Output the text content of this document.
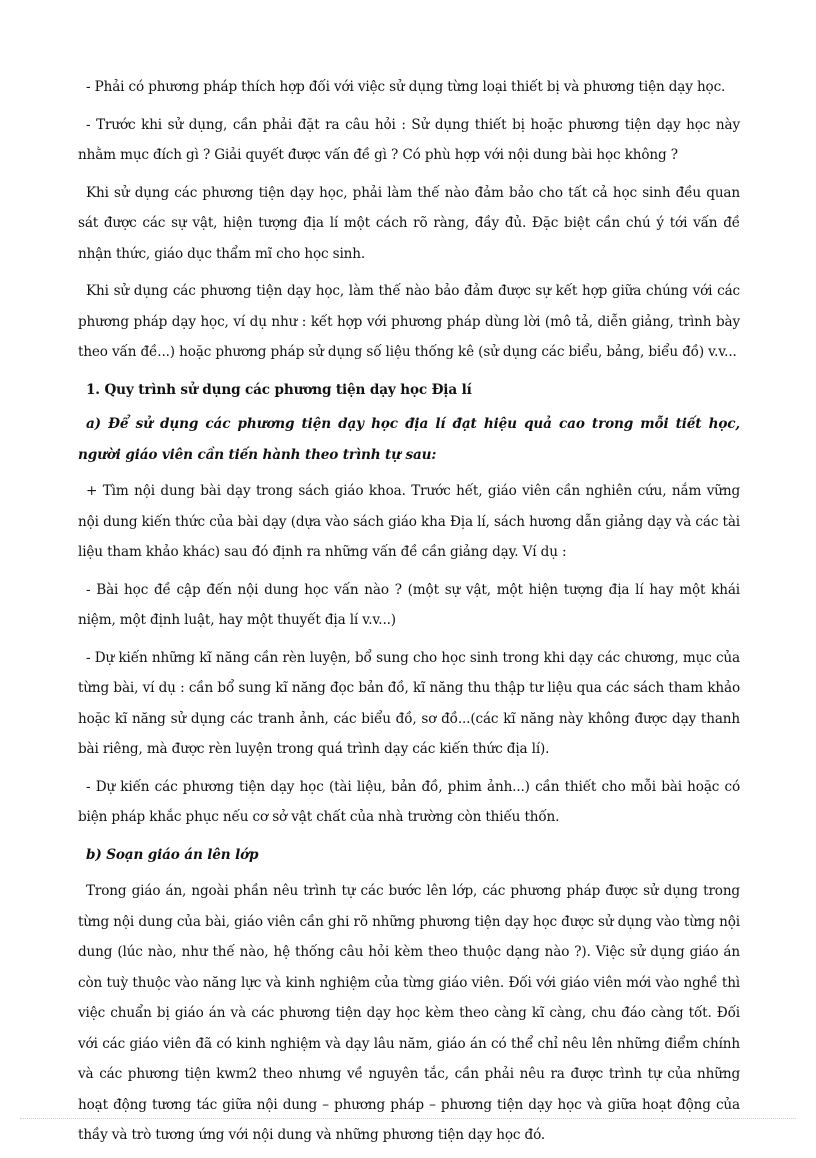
- Phải có phương pháp thích hợp đối với việc sử dụng từng loại thiết bị và phương tiện dạy học.

- Trước khi sử dụng, cần phải đặt ra câu hỏi : Sử dụng thiết bị hoặc phương tiện dạy học này nhằm mục đích gì ? Giải quyết được vấn đề gì ? Có phù hợp với nội dung bài học không ?

Khi sử dụng các phương tiện dạy học, phải làm thế nào đảm bảo cho tất cả học sinh đều quan sát được các sự vật, hiện tượng địa lí một cách rõ ràng, đầy đủ. Đặc biệt cần chú ý tới vấn đề nhận thức, giáo dục thẩm mĩ cho học sinh.

Khi sử dụng các phương tiện dạy học, làm thế nào bảo đảm được sự kết hợp giữa chúng với các phương pháp dạy học, ví dụ như : kết hợp với phương pháp dùng lời (mô tả, diễn giảng, trình bày theo vấn đề...) hoặc phương pháp sử dụng số liệu thống kê (sử dụng các biểu, bảng, biểu đồ) v.v...

1. Quy trình sử dụng các phương tiện dạy học Địa lí

a) Để sử dụng các phương tiện dạy học địa lí đạt hiệu quả cao trong mỗi tiết học, người giáo viên cần tiến hành theo trình tự sau:

+ Tìm nội dung bài dạy trong sách giáo khoa. Trước hết, giáo viên cần nghiên cứu, nắm vững nội dung kiến thức của bài dạy (dựa vào sách giáo kha Địa lí, sách hương dẫn giảng dạy và các tài liệu tham khảo khác) sau đó định ra những vấn đề cần giảng dạy. Ví dụ :

- Bài học đề cập đến nội dung học vấn nào ? (một sự vật, một hiện tượng địa lí hay một khái niệm, một định luật, hay một thuyết địa lí v.v...)

- Dự kiến những kĩ năng cần rèn luyện, bổ sung cho học sinh trong khi dạy các chương, mục của từng bài, ví dụ : cần bổ sung kĩ năng đọc bản đồ, kĩ năng thu thập tư liệu qua các sách tham khảo hoặc kĩ năng sử dụng các tranh ảnh, các biểu đồ, sơ đồ...(các kĩ năng này không được dạy thanh bài riêng, mà được rèn luyện trong quá trình dạy các kiến thức địa lí).

- Dự kiến các phương tiện dạy học (tài liệu, bản đồ, phim ảnh...) cần thiết cho mỗi bài hoặc có biện pháp khắc phục nếu cơ sở vật chất của nhà trường còn thiếu thốn.

b) Soạn giáo án lên lớp

Trong giáo án, ngoài phần nêu trình tự các bước lên lớp, các phương pháp được sử dụng trong từng nội dung của bài, giáo viên cần ghi rõ những phương tiện dạy học được sử dụng vào từng nội dung (lúc nào, như thế nào, hệ thống câu hỏi kèm theo thuộc dạng nào ?). Việc sử dụng giáo án còn tuỳ thuộc vào năng lực và kinh nghiệm của từng giáo viên. Đối với giáo viên mới vào nghề thì việc chuẩn bị giáo án và các phương tiện dạy học kèm theo càng kĩ càng, chu đáo càng tốt. Đối với các giáo viên đã có kinh nghiệm và dạy lâu năm, giáo án có thể chỉ nêu lên những điểm chính và các phương tiện kwm2 theo nhưng về nguyên tắc, cần phải nêu ra được trình tự của những hoạt động tương tác giữa nội dung – phương pháp – phương tiện dạy học và giữa hoạt động của thầy và trò tương ứng với nội dung và những phương tiện dạy học đó.
